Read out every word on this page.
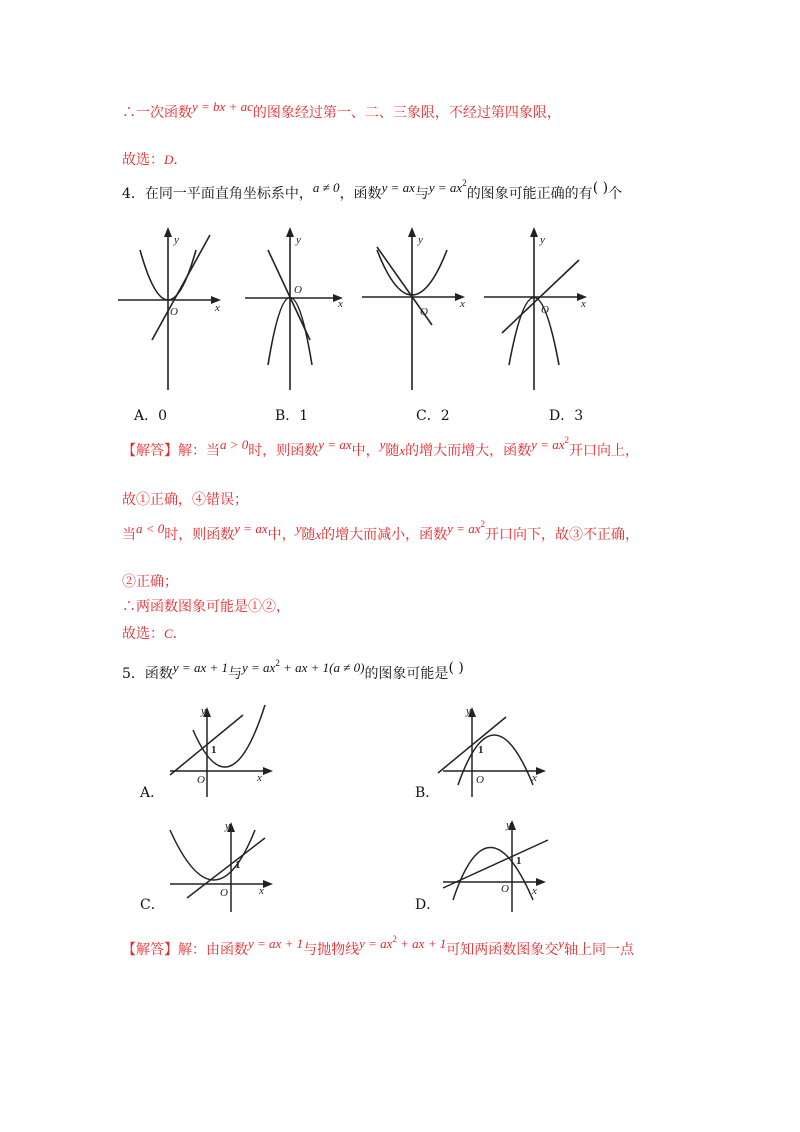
∴一次函数y = bx + ac的图象经过第一、二、三象限，不经过第四象限，
故选：D．
4．在同一平面直角坐标系中，a ≠ 0，函数y = ax与$y = ax^2$的图象可能正确的有( )个
y
x
O
y
x
O
y
x
O
y
x
O
A．0	B．1	C．2	D．3
【解答】解：当a > 0时，则函数y = ax中，y随x的增大而增大，函数$y = ax^2$开口向上，
故①正确，④错误；
当a < 0时，则函数y = ax中，y随x的增大而减小，函数$y = ax^2$开口向下，故③不正确，
②正确；
∴两函数图象可能是①②，
故选：C．
5．函数y = ax + 1与$y = ax^2$ + ax + 1(a ≠ 0)的图象可能是( )
y
x
O
1
y
x
O
1
y
x
O
1
y
x
O
1
A．	B．
C．	D．
【解答】解：由函数y = ax + 1与抛物线$y = ax^2$ + ax + 1可知两函数图象交y轴上同一点
